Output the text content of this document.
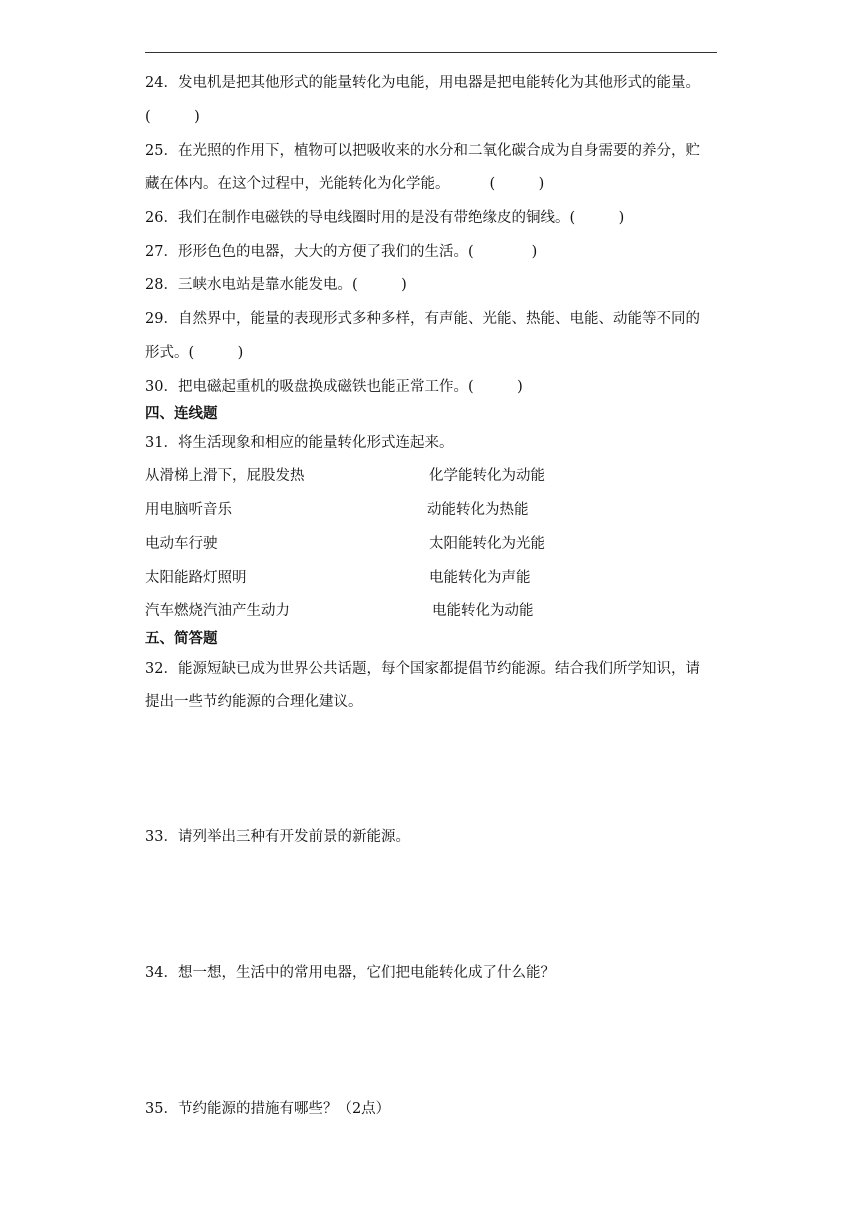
24．发电机是把其他形式的能量转化为电能，用电器是把电能转化为其他形式的能量。
(　　　)
25．在光照的作用下，植物可以把吸收来的水分和二氧化碳合成为自身需要的养分，贮
藏在体内。在这个过程中，光能转化为化学能。	(　　　)
26．我们在制作电磁铁的导电线圈时用的是没有带绝缘皮的铜线。(　　　)
27．形形色色的电器，大大的方便了我们的生活。(　　　　)
28．三峡水电站是靠水能发电。(　　　)
29．自然界中，能量的表现形式多种多样，有声能、光能、热能、电能、动能等不同的
形式。(　　　)
30．把电磁起重机的吸盘换成磁铁也能正常工作。(　　　)
四、连线题
31．将生活现象和相应的能量转化形式连起来。
从滑梯上滑下，屁股发热	化学能转化为动能
用电脑听音乐	动能转化为热能
电动车行驶	太阳能转化为光能
太阳能路灯照明	电能转化为声能
汽车燃烧汽油产生动力	电能转化为动能
五、简答题
32．能源短缺已成为世界公共话题，每个国家都提倡节约能源。结合我们所学知识，请
提出一些节约能源的合理化建议。
33．请列举出三种有开发前景的新能源。
34．想一想，生活中的常用电器，它们把电能转化成了什么能？
35．节约能源的措施有哪些？（2点）
